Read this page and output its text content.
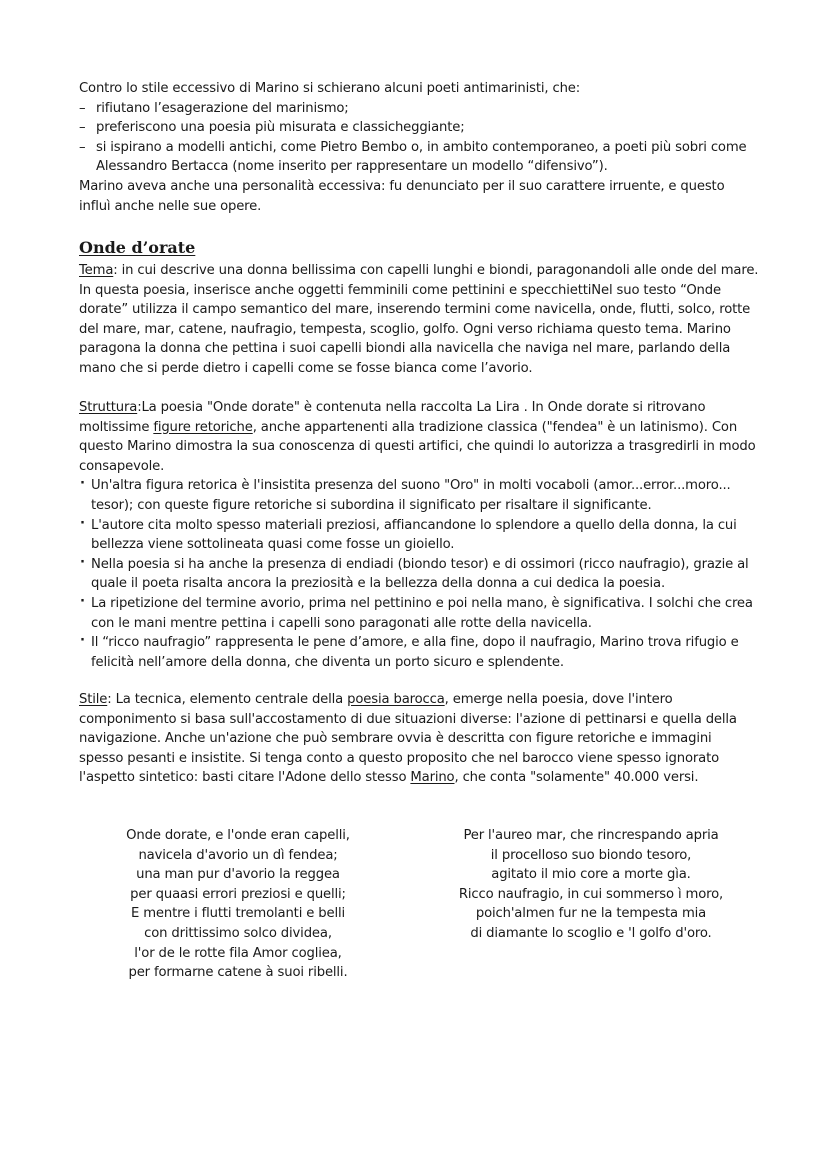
Contro lo stile eccessivo di Marino si schierano alcuni poeti antimarinisti, che:

– rifiutano l’esagerazione del marinismo;
– preferiscono una poesia più misurata e classicheggiante;
– si ispirano a modelli antichi, come Pietro Bembo o, in ambito contemporaneo, a poeti più sobri come Alessandro Bertacca (nome inserito per rappresentare un modello “difensivo”).

Marino aveva anche una personalità eccessiva: fu denunciato per il suo carattere irruente, e questo influì anche nelle sue opere.

Onde d’orate

Tema: in cui descrive una donna bellissima con capelli lunghi e biondi, paragonandoli alle onde del mare. In questa poesia, inserisce anche oggetti femminili come pettinini e specchiettiNel suo testo “Onde dorate” utilizza il campo semantico del mare, inserendo termini come navicella, onde, flutti, solco, rotte del mare, mar, catene, naufragio, tempesta, scoglio, golfo. Ogni verso richiama questo tema. Marino paragona la donna che pettina i suoi capelli biondi alla navicella che naviga nel mare, parlando della mano che si perde dietro i capelli come se fosse bianca come l’avorio.

Struttura:La poesia "Onde dorate" è contenuta nella raccolta La Lira . In Onde dorate si ritrovano moltissime figure retoriche, anche appartenenti alla tradizione classica ("fendea" è un latinismo). Con questo Marino dimostra la sua conoscenza di questi artifici, che quindi lo autorizza a trasgredirli in modo consapevole.

· Un'altra figura retorica è l'insistita presenza del suono "Oro" in molti vocaboli (amor...error...moro... tesor); con queste figure retoriche si subordina il significato per risaltare il significante.
· L'autore cita molto spesso materiali preziosi, affiancandone lo splendore a quello della donna, la cui bellezza viene sottolineata quasi come fosse un gioiello.
· Nella poesia si ha anche la presenza di endiadi (biondo tesor) e di ossimori (ricco naufragio), grazie al quale il poeta risalta ancora la preziosità e la bellezza della donna a cui dedica la poesia.
· La ripetizione del termine avorio, prima nel pettinino e poi nella mano, è significativa. I solchi che crea con le mani mentre pettina i capelli sono paragonati alle rotte della navicella.
· Il “ricco naufragio” rappresenta le pene d’amore, e alla fine, dopo il naufragio, Marino trova rifugio e felicità nell’amore della donna, che diventa un porto sicuro e splendente.

Stile: La tecnica, elemento centrale della poesia barocca, emerge nella poesia, dove l'intero componimento si basa sull'accostamento di due situazioni diverse: l'azione di pettinarsi e quella della navigazione. Anche un'azione che può sembrare ovvia è descritta con figure retoriche e immagini spesso pesanti e insistite. Si tenga conto a questo proposito che nel barocco viene spesso ignorato l'aspetto sintetico: basti citare l'Adone dello stesso Marino, che conta "solamente" 40.000 versi.

Onde dorate, e l'onde eran capelli,
navicela d'avorio un dì fendea;
una man pur d'avorio la reggea
per quaasi errori preziosi e quelli;
E mentre i flutti tremolanti e belli
con drittissimo solco dividea,
l'or de le rotte fila Amor cogliea,
per formarne catene à suoi ribelli.
Per l'aureo mar, che rincrespando apria
il procelloso suo biondo tesoro,
agitato il mio core a morte gìa.
Ricco naufragio, in cui sommerso ì moro,
poich'almen fur ne la tempesta mia
di diamante lo scoglio e 'l golfo d'oro.
